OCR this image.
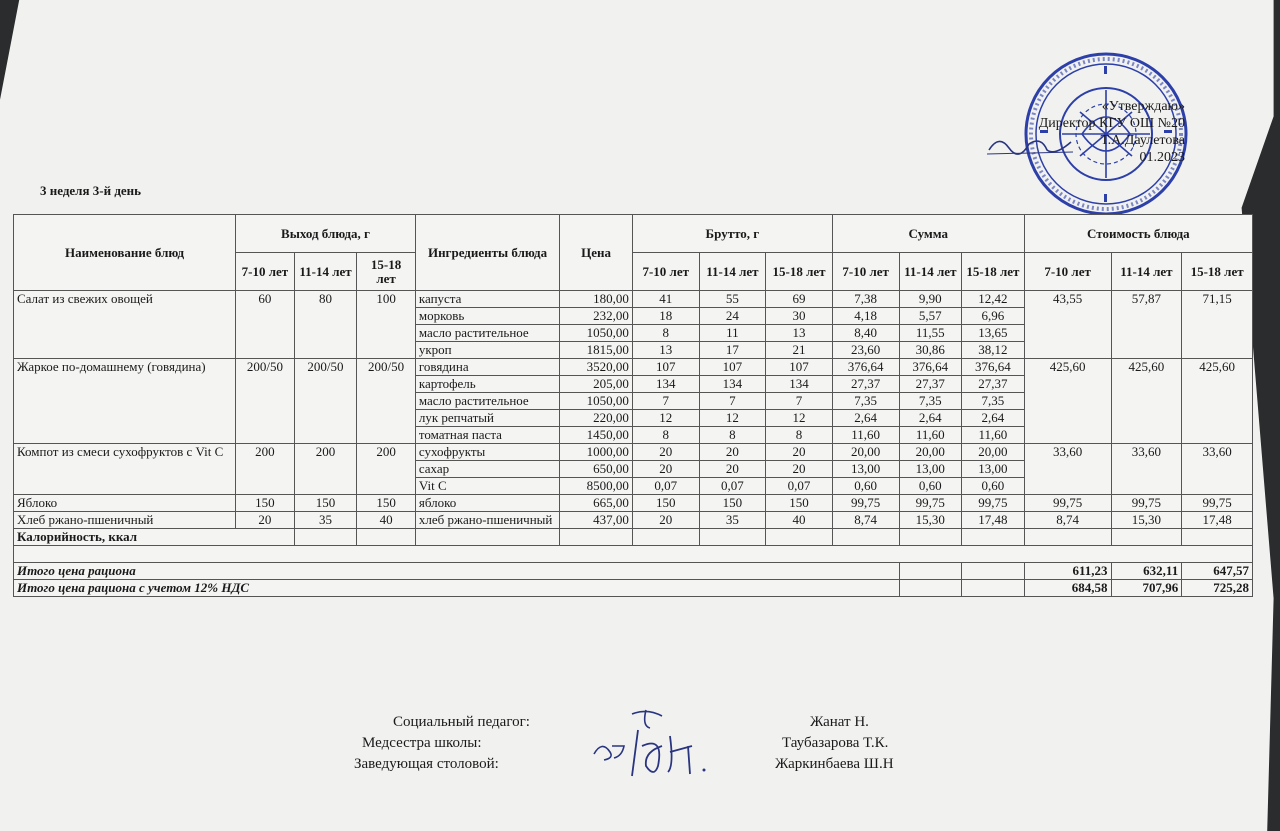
«Утверждаю»
Директор КГУ ОШ №20
Т.А.Даулетова
01.2023
3 неделя 3-й день
Наименование блюд	Выход блюда, г			Ингредиенты блюда	Цена	Брутто, г			Сумма			Стоимость блюда		
	7-10 лет	11-14 лет	15-18 лет			7-10 лет	11-14 лет	15-18 лет	7-10 лет	11-14 лет	15-18 лет	7-10 лет	11-14 лет	15-18 лет
Салат из свежих овощей	60	80	100	капуста	180,00	41	55	69	7,38	9,90	12,42	43,55	57,87	71,15
				морковь	232,00	18	24	30	4,18	5,57	6,96			
				масло растительное	1050,00	8	11	13	8,40	11,55	13,65			
				укроп	1815,00	13	17	21	23,60	30,86	38,12			
Жаркое по-домашнему (говядина)	200/50	200/50	200/50	говядина	3520,00	107	107	107	376,64	376,64	376,64	425,60	425,60	425,60
				картофель	205,00	134	134	134	27,37	27,37	27,37			
				масло растительное	1050,00	7	7	7	7,35	7,35	7,35			
				лук репчатый	220,00	12	12	12	2,64	2,64	2,64			
				томатная паста	1450,00	8	8	8	11,60	11,60	11,60			
Компот из смеси сухофруктов с Vit C	200	200	200	сухофрукты	1000,00	20	20	20	20,00	20,00	20,00	33,60	33,60	33,60
				сахар	650,00	20	20	20	13,00	13,00	13,00			
				Vit C	8500,00	0,07	0,07	0,07	0,60	0,60	0,60			
Яблоко	150	150	150	яблоко	665,00	150	150	150	99,75	99,75	99,75	99,75	99,75	99,75
Хлеб ржано-пшеничный	20	35	40	хлеб ржано-пшеничный	437,00	20	35	40	8,74	15,30	17,48	8,74	15,30	17,48
Калорийность, ккал														

Итого цена рациона												611,23	632,11	647,57
Итого цена рациона с учетом 12% НДС												684,58	707,96	725,28
Социальный педагог:	Жанат Н.
Медсестра школы:	Таубазарова Т.К.
Заведующая столовой:	Жаркинбаева Ш.Н
